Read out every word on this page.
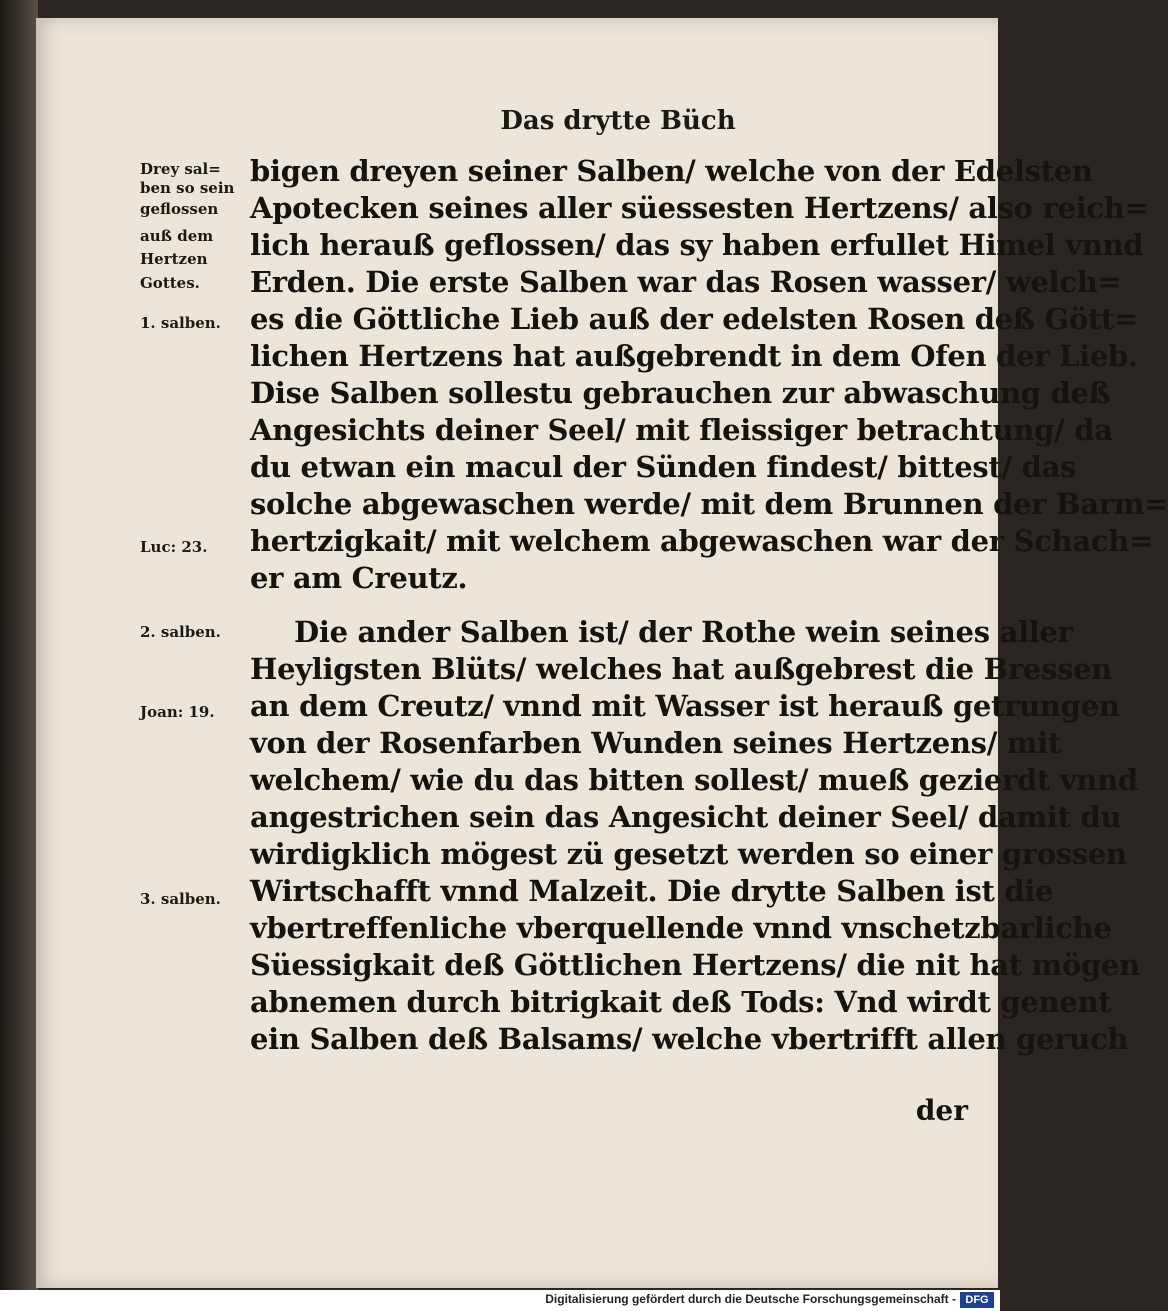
Das drytte Büch
Drey sal=
ben so sein
geflossen
auß dem
Hertzen
Gottes.
1. salben.
Luc: 23.
2. salben.
Joan: 19.
3. salben.
bigen dreyen seiner Salben/ welche von der Edelsten
Apotecken seines aller süessesten Hertzens/ also reich=
lich herauß geflossen/ das sy haben erfullet Himel vnnd
Erden. Die erste Salben war das Rosen wasser/ welch=
es die Göttliche Lieb auß der edelsten Rosen deß Gött=
lichen Hertzens hat außgebrendt in dem Ofen der Lieb.
Dise Salben sollestu gebrauchen zur abwaschung deß
Angesichts deiner Seel/ mit fleissiger betrachtung/ da
du etwan ein macul der Sünden findest/ bittest/ das
solche abgewaschen werde/ mit dem Brunnen der Barm=
hertzigkait/ mit welchem abgewaschen war der Schach=
er am Creutz.
Die ander Salben ist/ der Rothe wein seines aller
Heyligsten Blüts/ welches hat außgebrest die Bressen
an dem Creutz/ vnnd mit Wasser ist herauß getrungen
von der Rosenfarben Wunden seines Hertzens/ mit
welchem/ wie du das bitten sollest/ mueß gezierdt vnnd
angestrichen sein das Angesicht deiner Seel/ damit du
wirdigklich mögest zü gesetzt werden so einer grossen
Wirtschafft vnnd Malzeit. Die drytte Salben ist die
vbertreffenliche vberquellende vnnd vnschetzbarliche
Süessigkait deß Göttlichen Hertzens/ die nit hat mögen
abnemen durch bitrigkait deß Tods: Vnd wirdt genent
ein Salben deß Balsams/ welche vbertrifft allen geruch
der
Digitalisierung gefördert durch die Deutsche Forschungsgemeinschaft - DFG
